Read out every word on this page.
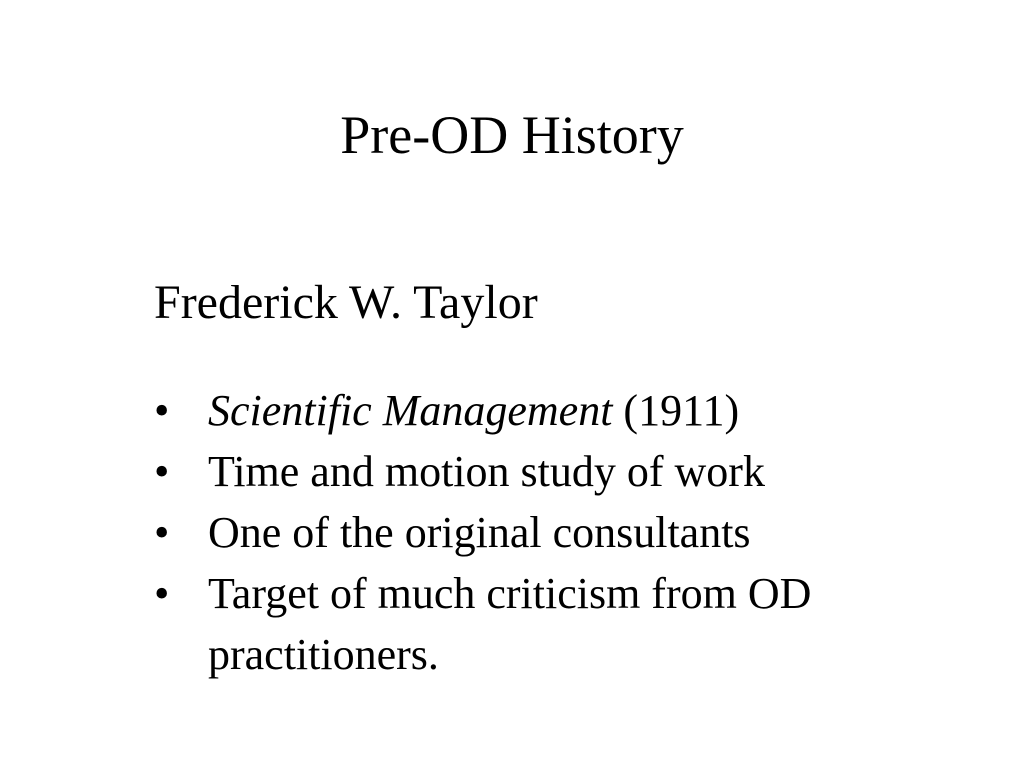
Pre-OD History
Frederick W. Taylor
• Scientific Management (1911)
• Time and motion study of work
• One of the original consultants
• Target of much criticism from OD practitioners.
